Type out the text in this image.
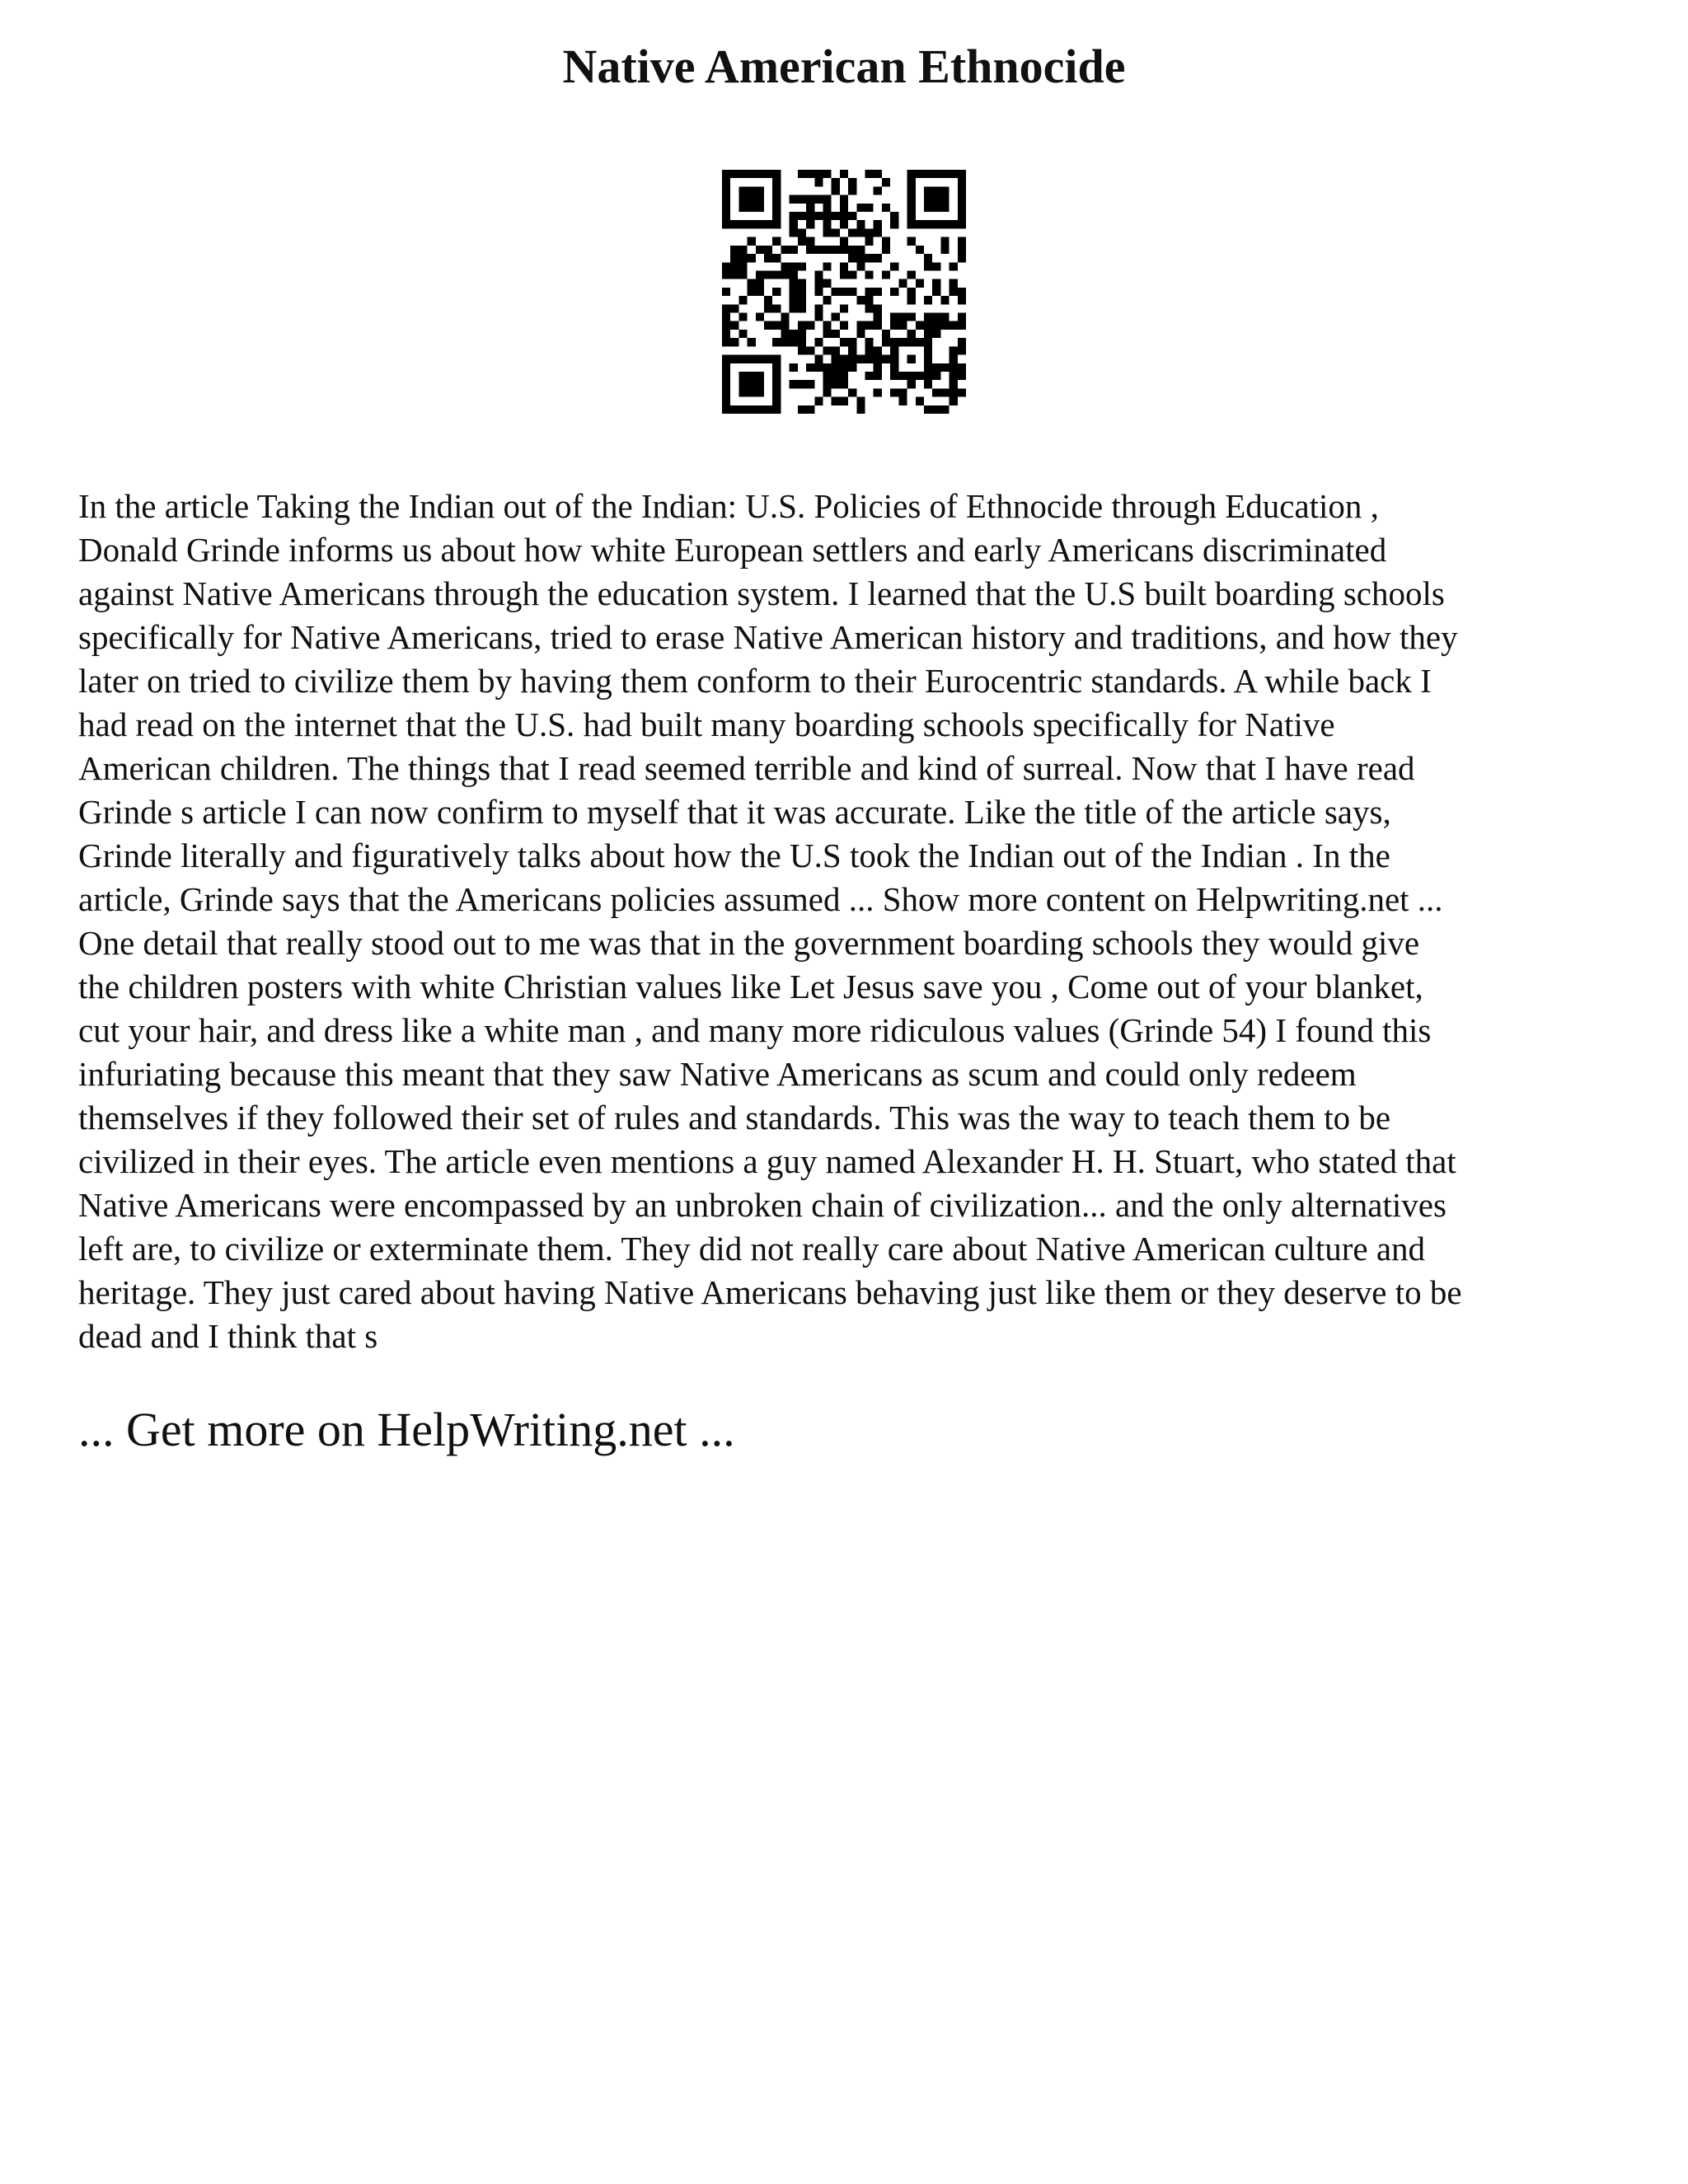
Native American Ethnocide
In the article Taking the Indian out of the Indian: U.S. Policies of Ethnocide through Education ,
Donald Grinde informs us about how white European settlers and early Americans discriminated
against Native Americans through the education system. I learned that the U.S built boarding schools
specifically for Native Americans, tried to erase Native American history and traditions, and how they
later on tried to civilize them by having them conform to their Eurocentric standards. A while back I
had read on the internet that the U.S. had built many boarding schools specifically for Native
American children. The things that I read seemed terrible and kind of surreal. Now that I have read
Grinde s article I can now confirm to myself that it was accurate. Like the title of the article says,
Grinde literally and figuratively talks about how the U.S took the Indian out of the Indian . In the
article, Grinde says that the Americans policies assumed ... Show more content on Helpwriting.net ...
One detail that really stood out to me was that in the government boarding schools they would give
the children posters with white Christian values like Let Jesus save you , Come out of your blanket,
cut your hair, and dress like a white man , and many more ridiculous values (Grinde 54) I found this
infuriating because this meant that they saw Native Americans as scum and could only redeem
themselves if they followed their set of rules and standards. This was the way to teach them to be
civilized in their eyes. The article even mentions a guy named Alexander H. H. Stuart, who stated that
Native Americans were encompassed by an unbroken chain of civilization... and the only alternatives
left are, to civilize or exterminate them. They did not really care about Native American culture and
heritage. They just cared about having Native Americans behaving just like them or they deserve to be
dead and I think that s
... Get more on HelpWriting.net ...
